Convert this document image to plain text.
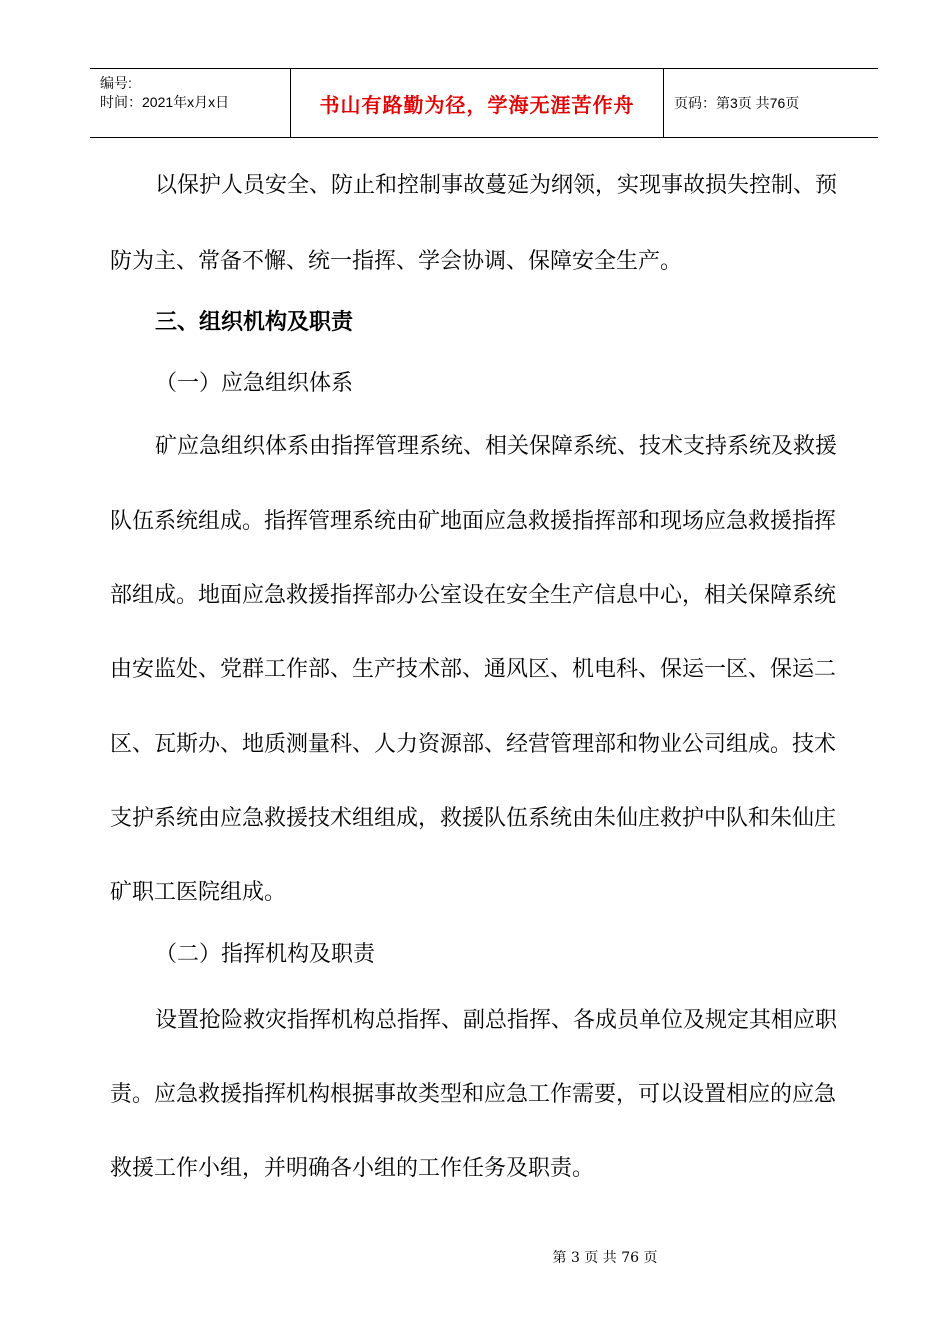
编号:
时间：2021年x月x日	书山有路勤为径，学海无涯苦作舟	页码：第3页 共76页
以保护人员安全、防止和控制事故蔓延为纲领，实现事故损失控制、预
防为主、常备不懈、统一指挥、学会协调、保障安全生产。
三、组织机构及职责
（一）应急组织体系
矿应急组织体系由指挥管理系统、相关保障系统、技术支持系统及救援
队伍系统组成。指挥管理系统由矿地面应急救援指挥部和现场应急救援指挥
部组成。地面应急救援指挥部办公室设在安全生产信息中心，相关保障系统
由安监处、党群工作部、生产技术部、通风区、机电科、保运一区、保运二
区、瓦斯办、地质测量科、人力资源部、经营管理部和物业公司组成。技术
支护系统由应急救援技术组组成，救援队伍系统由朱仙庄救护中队和朱仙庄
矿职工医院组成。
（二）指挥机构及职责
设置抢险救灾指挥机构总指挥、副总指挥、各成员单位及规定其相应职
责。应急救援指挥机构根据事故类型和应急工作需要，可以设置相应的应急
救援工作小组，并明确各小组的工作任务及职责。
第 3 页 共 76 页
